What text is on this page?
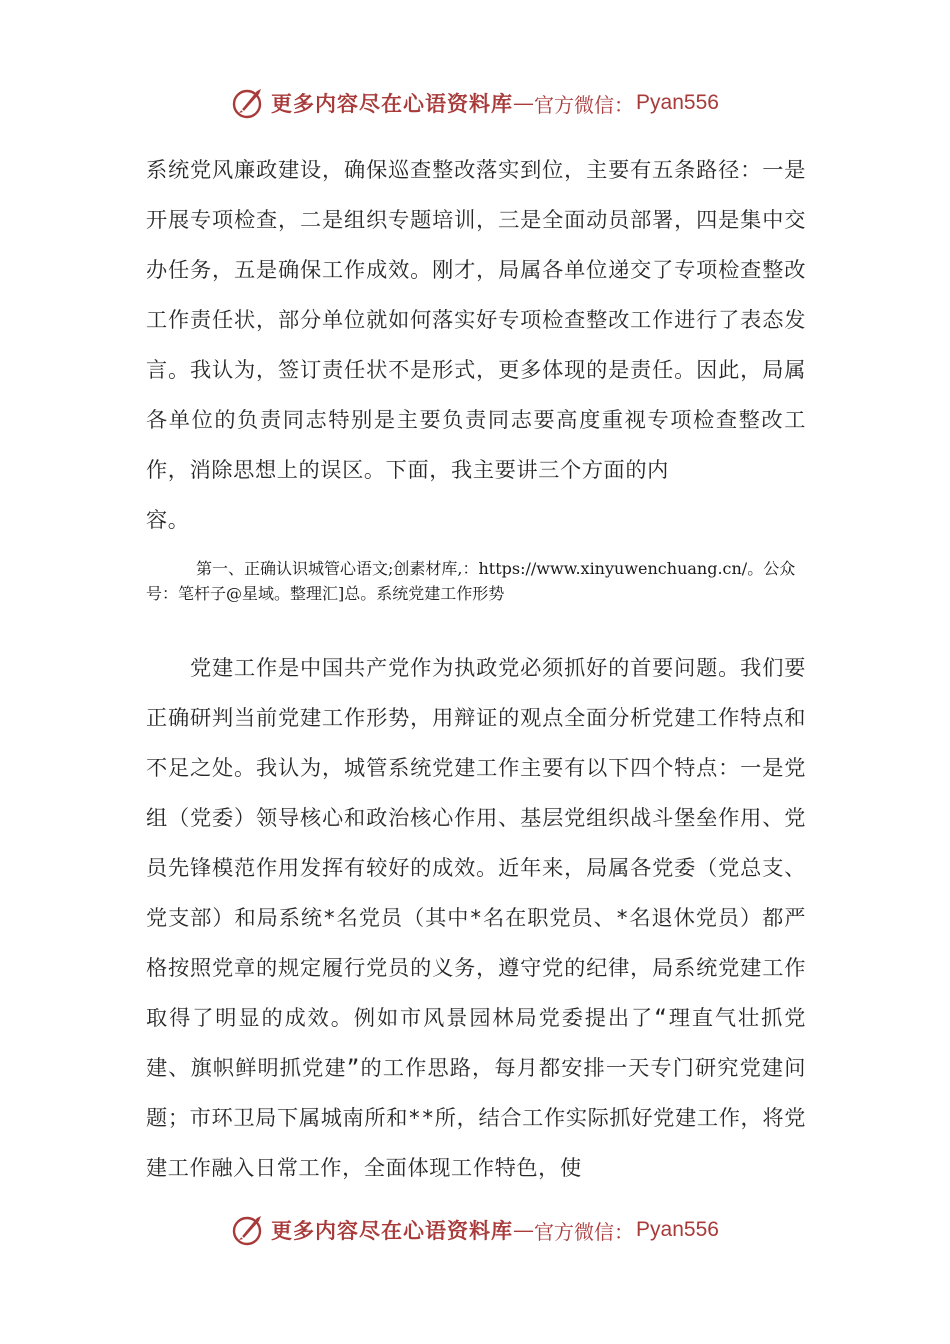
更多内容尽在心语资料库 — 官方微信： Pyan556
系统党风廉政建设，确保巡查整改落实到位，主要有五条路径：一是开展专项检查，二是组织专题培训，三是全面动员部署，四是集中交办任务，五是确保工作成效。刚才，局属各单位递交了专项检查整改工作责任状，部分单位就如何落实好专项检查整改工作进行了表态发言。我认为，签订责任状不是形式，更多体现的是责任。因此，局属各单位的负责同志特别是主要负责同志要高度重视专项检查整改工作，消除思想上的误区。下面，我主要讲三个方面的内
容。
第一、正确认识城管心语文;创素材库,：https://www.xinyuwenchuang.cn/。公众号：笔杆子@星域。整理汇]总。系统党建工作形势
党建工作是中国共产党作为执政党必须抓好的首要问题。我们要正确研判当前党建工作形势，用辩证的观点全面分析党建工作特点和不足之处。我认为，城管系统党建工作主要有以下四个特点：一是党组（党委）领导核心和政治核心作用、基层党组织战斗堡垒作用、党员先锋模范作用发挥有较好的成效。近年来，局属各党委（党总支、党支部）和局系统*名党员（其中*名在职党员、*名退休党员）都严格按照党章的规定履行党员的义务，遵守党的纪律，局系统党建工作取得了明显的成效。例如市风景园林局党委提出了“理直气壮抓党建、旗帜鲜明抓党建”的工作思路，每月都安排一天专门研究党建问题；市环卫局下属城南所和**所，结合工作实际抓好党建工作，将党建工作融入日常工作，全面体现工作特色，使
更多内容尽在心语资料库 — 官方微信： Pyan556
